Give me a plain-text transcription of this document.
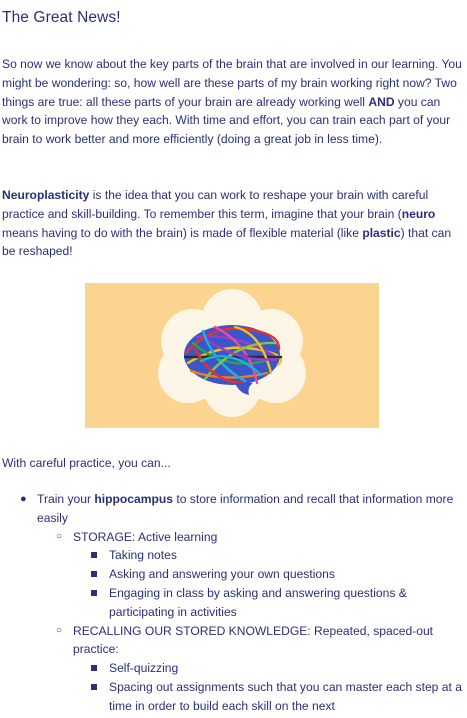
The Great News!

So now we know about the key parts of the brain that are involved in our learning. You might be wondering: so, how well are these parts of my brain working right now? Two things are true: all these parts of your brain are already working well AND you can work to improve how they each. With time and effort, you can train each part of your brain to work better and more efficiently (doing a great job in less time).

Neuroplasticity is the idea that you can work to reshape your brain with careful practice and skill-building. To remember this term, imagine that your brain (neuro means having to do with the brain) is made of flexible material (like plastic) that can be reshaped!

With careful practice, you can...

● Train your hippocampus to store information and recall that information more easily
○ STORAGE: Active learning
Taking notes
Asking and answering your own questions
Engaging in class by asking and answering questions & participating in activities
○ RECALLING OUR STORED KNOWLEDGE: Repeated, spaced-out practice:
Self-quizzing
Spacing out assignments such that you can master each step at a time in order to build each skill on the next
